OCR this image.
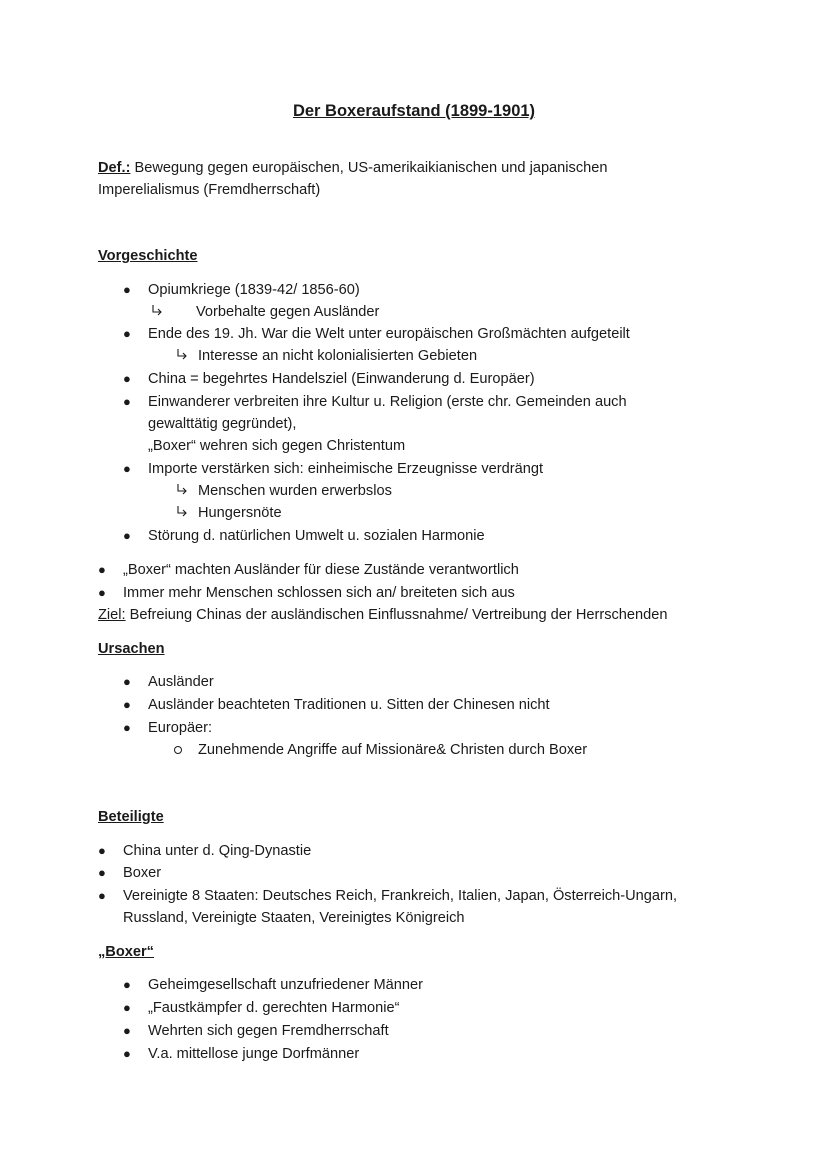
Der Boxeraufstand (1899-1901)
Def.: Bewegung gegen europäischen, US-amerikaikianischen und japanischen
Imperelialismus (Fremdherrschaft)
Vorgeschichte
● Opiumkriege (1839-42/ 1856-60)
Vorbehalte gegen Ausländer
● Ende des 19. Jh. War die Welt unter europäischen Großmächten aufgeteilt
Interesse an nicht kolonialisierten Gebieten
● China = begehrtes Handelsziel (Einwanderung d. Europäer)
● Einwanderer verbreiten ihre Kultur u. Religion (erste chr. Gemeinden auch
gewalttätig gegründet),
„Boxer“ wehren sich gegen Christentum
● Importe verstärken sich: einheimische Erzeugnisse verdrängt
Menschen wurden erwerbslos
Hungersnöte
● Störung d. natürlichen Umwelt u. sozialen Harmonie
● „Boxer“ machten Ausländer für diese Zustände verantwortlich
● Immer mehr Menschen schlossen sich an/ breiteten sich aus
Ziel: Befreiung Chinas der ausländischen Einflussnahme/ Vertreibung der Herrschenden
Ursachen
● Ausländer
● Ausländer beachteten Traditionen u. Sitten der Chinesen nicht
● Europäer:
Zunehmende Angriffe auf Missionäre& Christen durch Boxer
Beteiligte
● China unter d. Qing-Dynastie
● Boxer
● Vereinigte 8 Staaten: Deutsches Reich, Frankreich, Italien, Japan, Österreich-Ungarn,
Russland, Vereinigte Staaten, Vereinigtes Königreich
„Boxer“
● Geheimgesellschaft unzufriedener Männer
● „Faustkämpfer d. gerechten Harmonie“
● Wehrten sich gegen Fremdherrschaft
● V.a. mittellose junge Dorfmänner
